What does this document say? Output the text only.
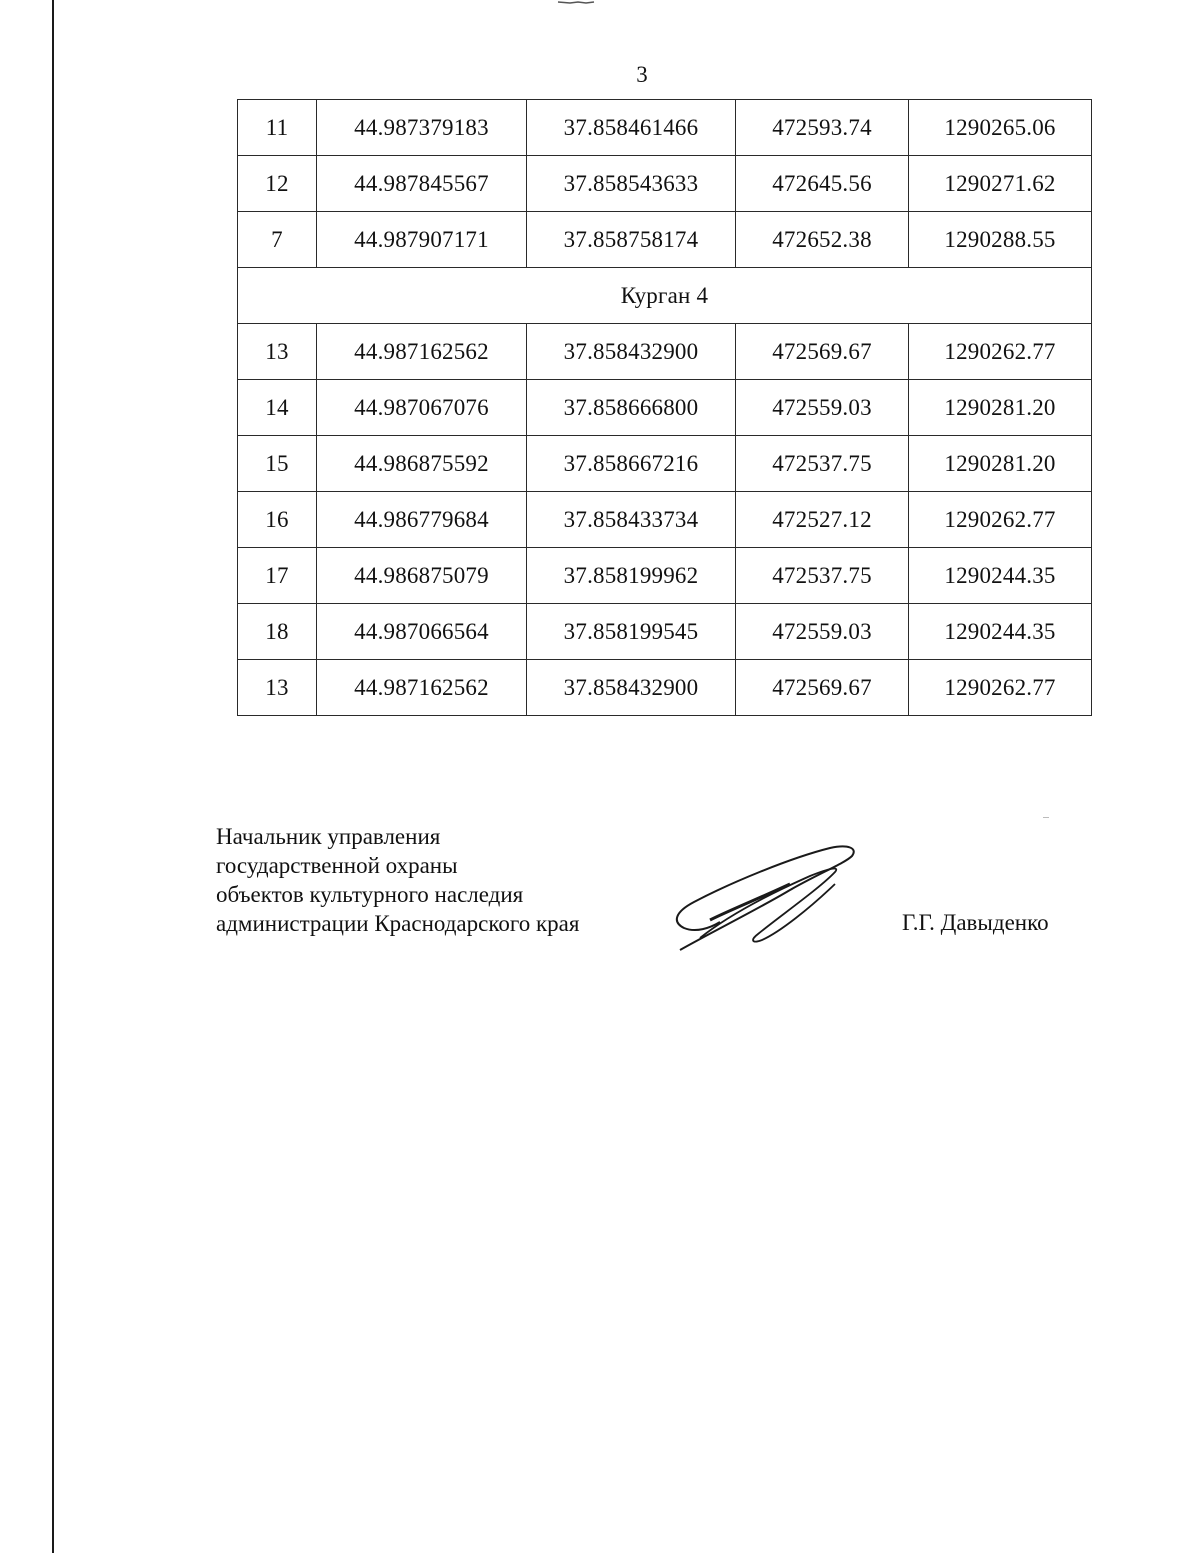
3
11	44.987379183	37.858461466	472593.74	1290265.06
12	44.987845567	37.858543633	472645.56	1290271.62
7	44.987907171	37.858758174	472652.38	1290288.55
Курган 4				
13	44.987162562	37.858432900	472569.67	1290262.77
14	44.987067076	37.858666800	472559.03	1290281.20
15	44.986875592	37.858667216	472537.75	1290281.20
16	44.986779684	37.858433734	472527.12	1290262.77
17	44.986875079	37.858199962	472537.75	1290244.35
18	44.987066564	37.858199545	472559.03	1290244.35
13	44.987162562	37.858432900	472569.67	1290262.77
Начальник управления
государственной охраны
объектов культурного наследия
администрации Краснодарского края	Г.Г. Давыденко
